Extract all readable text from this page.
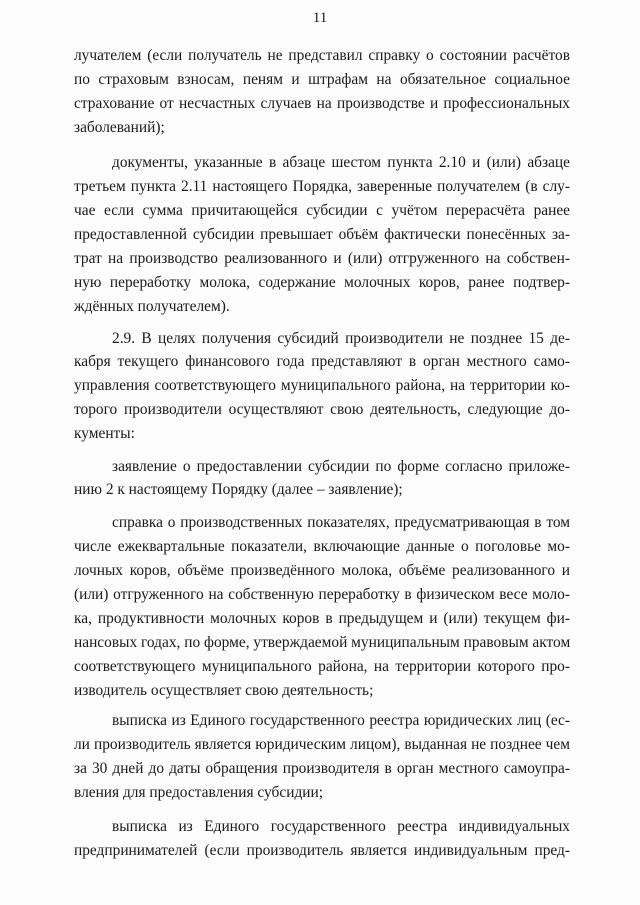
11
лучателем (если получатель не представил справку о состоянии расчётов
по страховым взносам, пеням и штрафам на обязательное социальное
страхование от несчастных случаев на производстве и профессиональных
заболеваний);
документы, указанные в абзаце шестом пункта 2.10 и (или) абзаце
третьем пункта 2.11 настоящего Порядка, заверенные получателем (в слу-
чае если сумма причитающейся субсидии с учётом перерасчёта ранее
предоставленной субсидии превышает объём фактически понесённых за-
трат на производство реализованного и (или) отгруженного на собствен-
ную переработку молока, содержание молочных коров, ранее подтвер-
ждённых получателем).
2.9. В целях получения субсидий производители не позднее 15 де-
кабря текущего финансового года представляют в орган местного само-
управления соответствующего муниципального района, на территории ко-
торого производители осуществляют свою деятельность, следующие до-
кументы:
заявление о предоставлении субсидии по форме согласно приложе-
нию 2 к настоящему Порядку (далее – заявление);
справка о производственных показателях, предусматривающая в том
числе ежеквартальные показатели, включающие данные о поголовье мо-
лочных коров, объёме произведённого молока, объёме реализованного и
(или) отгруженного на собственную переработку в физическом весе моло-
ка, продуктивности молочных коров в предыдущем и (или) текущем фи-
нансовых годах, по форме, утверждаемой муниципальным правовым актом
соответствующего муниципального района, на территории которого про-
изводитель осуществляет свою деятельность;
выписка из Единого государственного реестра юридических лиц (ес-
ли производитель является юридическим лицом), выданная не позднее чем
за 30 дней до даты обращения производителя в орган местного самоупра-
вления для предоставления субсидии;
выписка из Единого государственного реестра индивидуальных
предпринимателей (если производитель является индивидуальным пред-
